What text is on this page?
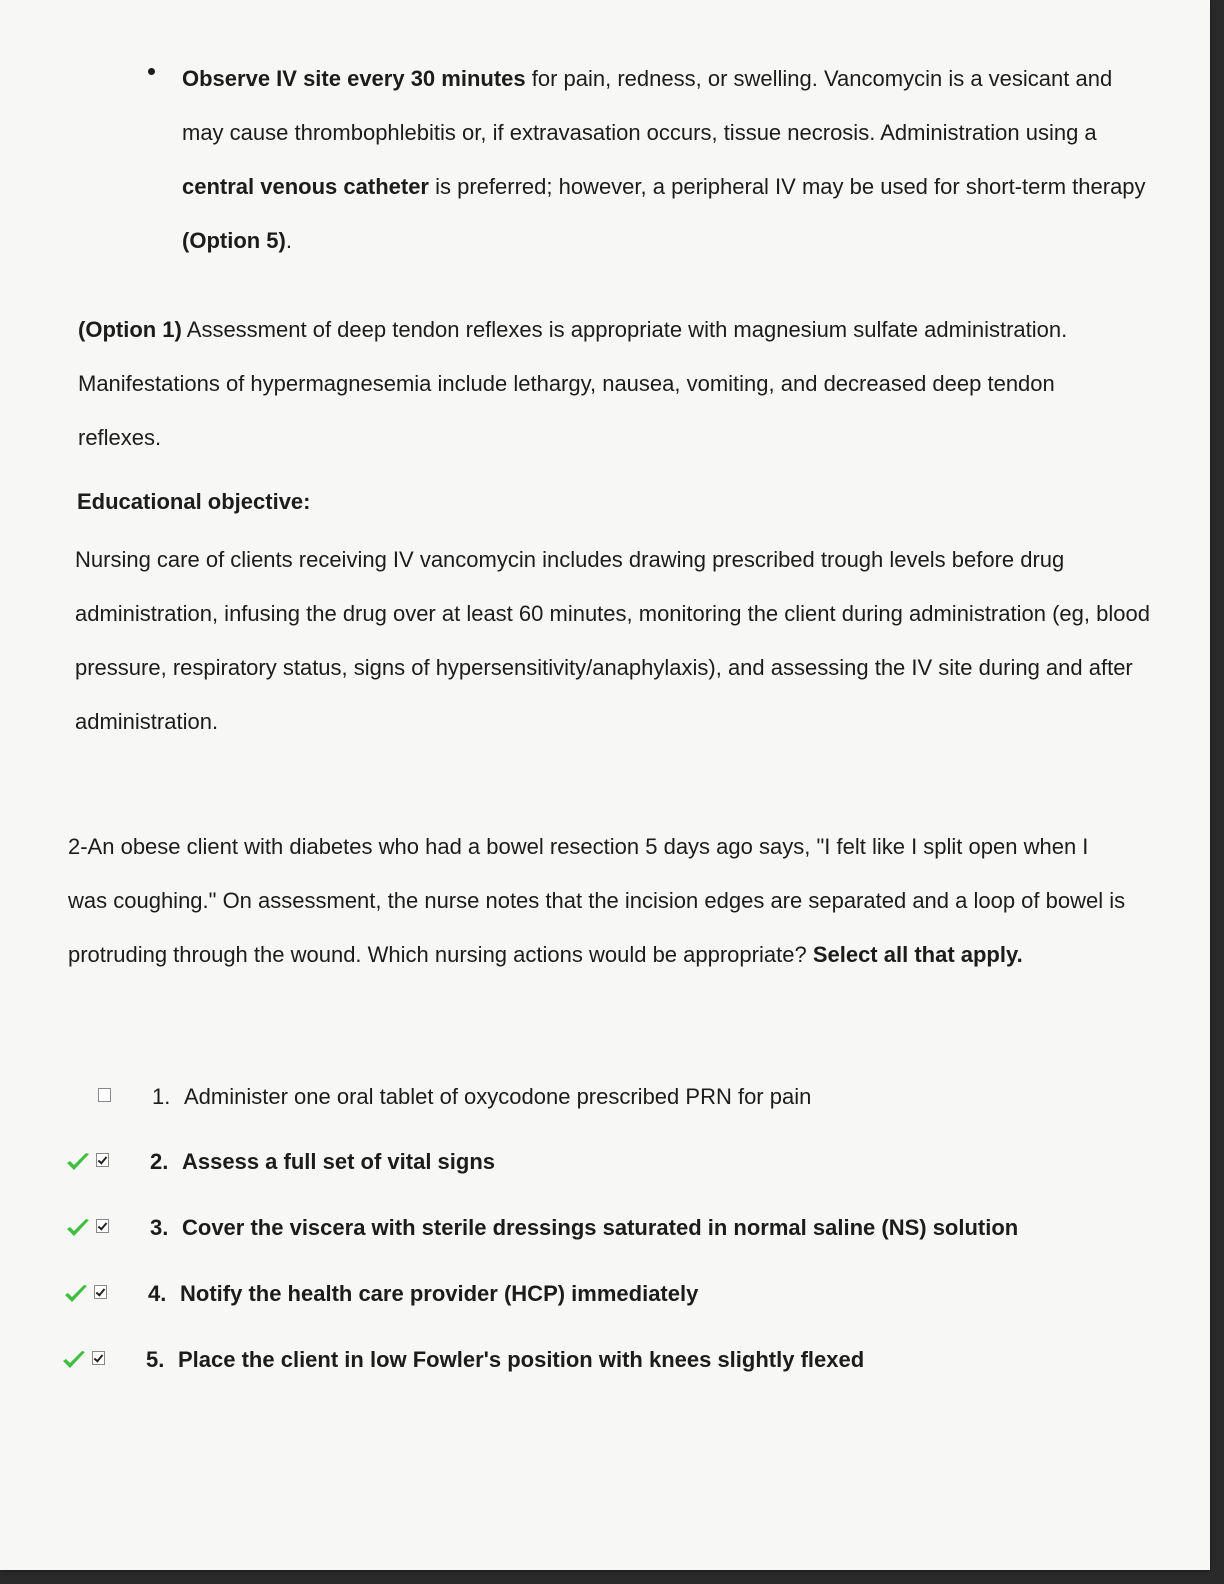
Observe IV site every 30 minutes for pain, redness, or swelling. Vancomycin is a vesicant and may cause thrombophlebitis or, if extravasation occurs, tissue necrosis. Administration using a central venous catheter is preferred; however, a peripheral IV may be used for short-term therapy (Option 5).

(Option 1) Assessment of deep tendon reflexes is appropriate with magnesium sulfate administration. Manifestations of hypermagnesemia include lethargy, nausea, vomiting, and decreased deep tendon reflexes.

Educational objective:

Nursing care of clients receiving IV vancomycin includes drawing prescribed trough levels before drug administration, infusing the drug over at least 60 minutes, monitoring the client during administration (eg, blood pressure, respiratory status, signs of hypersensitivity/anaphylaxis), and assessing the IV site during and after administration.

2-An obese client with diabetes who had a bowel resection 5 days ago says, "I felt like I split open when I was coughing." On assessment, the nurse notes that the incision edges are separated and a loop of bowel is protruding through the wound. Which nursing actions would be appropriate? Select all that apply.

1. Administer one oral tablet of oxycodone prescribed PRN for pain
2. Assess a full set of vital signs
3. Cover the viscera with sterile dressings saturated in normal saline (NS) solution
4. Notify the health care provider (HCP) immediately
5. Place the client in low Fowler's position with knees slightly flexed
